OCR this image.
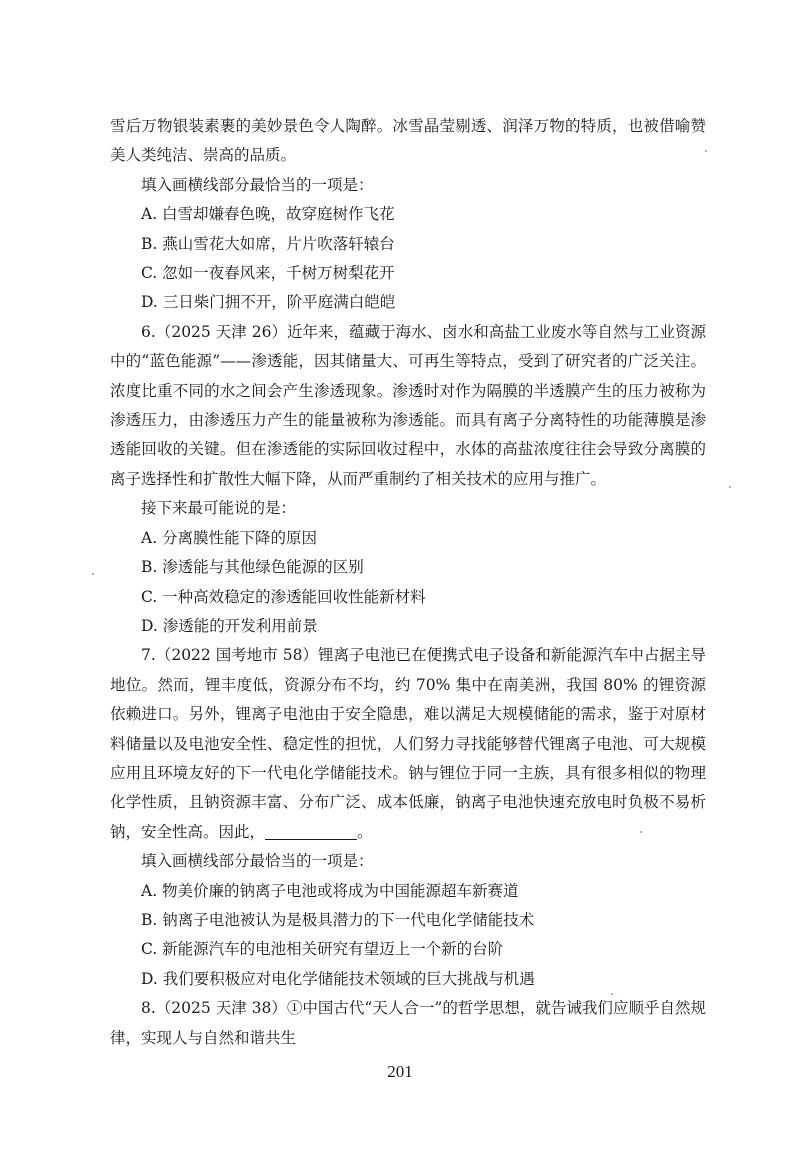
雪后万物银装素裹的美妙景色令人陶醉。冰雪晶莹剔透、润泽万物的特质，也被借喻赞美人类纯洁、崇高的品质。

填入画横线部分最恰当的一项是：

A. 白雪却嫌春色晚，故穿庭树作飞花

B. 燕山雪花大如席，片片吹落轩辕台

C. 忽如一夜春风来，千树万树梨花开

D. 三日柴门拥不开，阶平庭满白皑皑

6.（2025 天津 26）近年来，蕴藏于海水、卤水和高盐工业废水等自然与工业资源中的“蓝色能源”——渗透能，因其储量大、可再生等特点，受到了研究者的广泛关注。浓度比重不同的水之间会产生渗透现象。渗透时对作为隔膜的半透膜产生的压力被称为渗透压力，由渗透压力产生的能量被称为渗透能。而具有离子分离特性的功能薄膜是渗透能回收的关键。但在渗透能的实际回收过程中，水体的高盐浓度往往会导致分离膜的离子选择性和扩散性大幅下降，从而严重制约了相关技术的应用与推广。

接下来最可能说的是：

A. 分离膜性能下降的原因

B. 渗透能与其他绿色能源的区别

C. 一种高效稳定的渗透能回收性能新材料

D. 渗透能的开发利用前景

7.（2022 国考地市 58）锂离子电池已在便携式电子设备和新能源汽车中占据主导地位。然而，锂丰度低，资源分布不均，约 70% 集中在南美洲，我国 80% 的锂资源依赖进口。另外，锂离子电池由于安全隐患，难以满足大规模储能的需求，鉴于对原材料储量以及电池安全性、稳定性的担忧，人们努力寻找能够替代锂离子电池、可大规模应用且环境友好的下一代电化学储能技术。钠与锂位于同一主族，具有很多相似的物理化学性质，且钠资源丰富、分布广泛、成本低廉，钠离子电池快速充放电时负极不易析钠，安全性高。因此，	。

填入画横线部分最恰当的一项是：

A. 物美价廉的钠离子电池或将成为中国能源超车新赛道

B. 钠离子电池被认为是极具潜力的下一代电化学储能技术

C. 新能源汽车的电池相关研究有望迈上一个新的台阶

D. 我们要积极应对电化学储能技术领域的巨大挑战与机遇

8.（2025 天津 38）①中国古代“天人合一”的哲学思想，就告诫我们应顺乎自然规律，实现人与自然和谐共生

201
